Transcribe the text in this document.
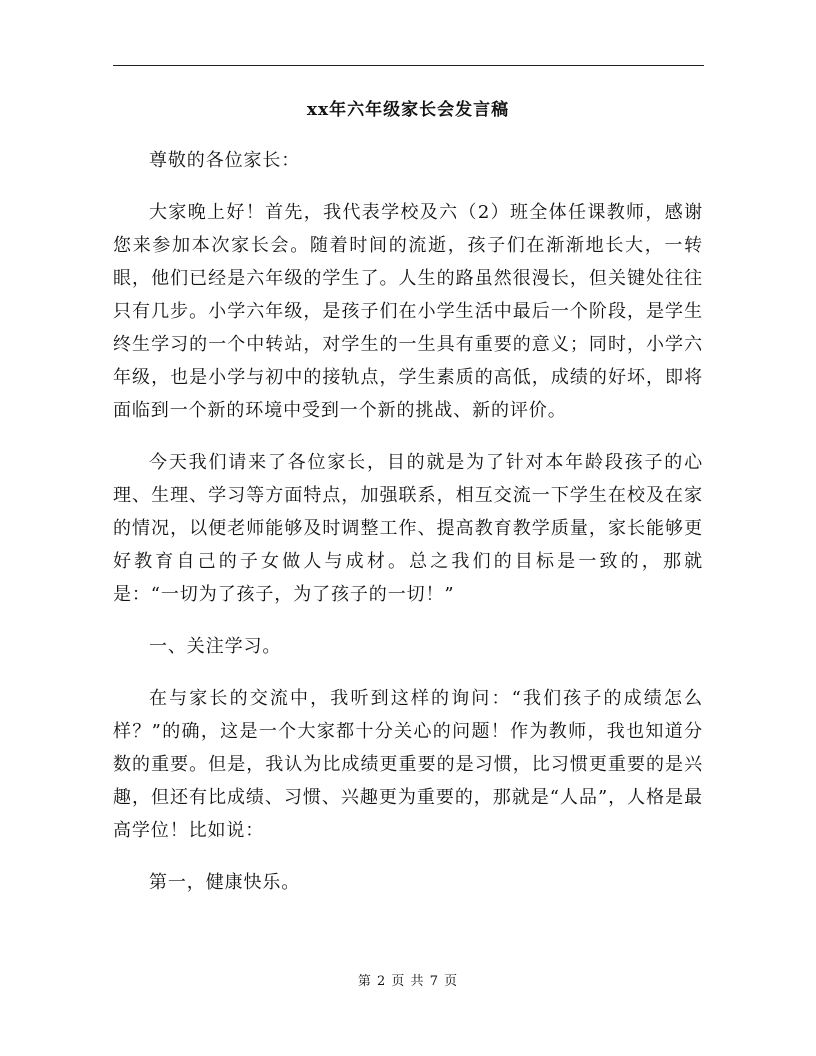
xx年六年级家长会发言稿

尊敬的各位家长：

大家晚上好！首先，我代表学校及六（2）班全体任课教师，感谢您来参加本次家长会。随着时间的流逝，孩子们在渐渐地长大，一转眼，他们已经是六年级的学生了。人生的路虽然很漫长，但关键处往往只有几步。小学六年级，是孩子们在小学生活中最后一个阶段，是学生终生学习的一个中转站，对学生的一生具有重要的意义；同时，小学六年级，也是小学与初中的接轨点，学生素质的高低，成绩的好坏，即将面临到一个新的环境中受到一个新的挑战、新的评价。

今天我们请来了各位家长，目的就是为了针对本年龄段孩子的心理、生理、学习等方面特点，加强联系，相互交流一下学生在校及在家的情况，以便老师能够及时调整工作、提高教育教学质量，家长能够更好教育自己的子女做人与成材。总之我们的目标是一致的，那就是：“一切为了孩子，为了孩子的一切！”

一、关注学习。

在与家长的交流中，我听到这样的询问：“我们孩子的成绩怎么样？”的确，这是一个大家都十分关心的问题！作为教师，我也知道分数的重要。但是，我认为比成绩更重要的是习惯，比习惯更重要的是兴趣，但还有比成绩、习惯、兴趣更为重要的，那就是“人品”，人格是最高学位！比如说：

第一，健康快乐。

第 2 页 共 7 页
